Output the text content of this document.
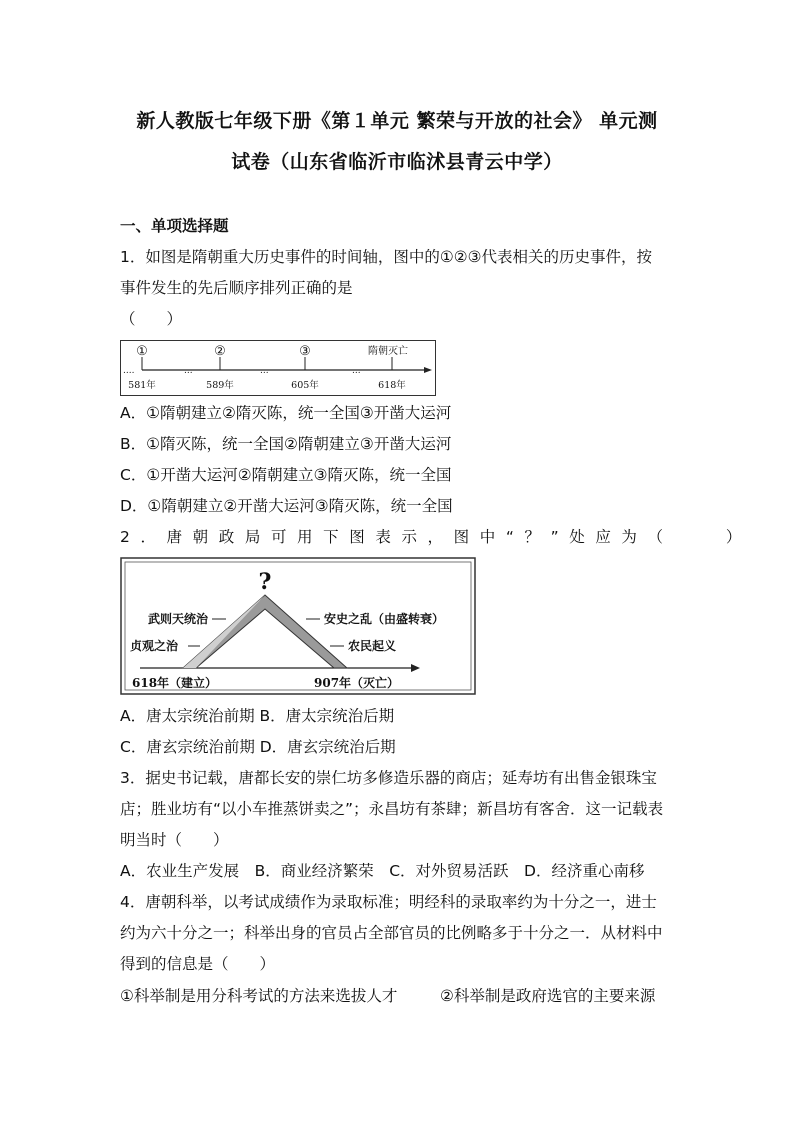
新人教版七年级下册《第１单元 繁荣与开放的社会》 单元测
试卷（山东省临沂市临沭县青云中学）
一、单项选择题
1．如图是隋朝重大历史事件的时间轴，图中的①②③代表相关的历史事件，按
事件发生的先后顺序排列正确的是
（　　）
....	...	...	...
①	②	③	隋朝灭亡
581年	589年	605年	618年
A．①隋朝建立②隋灭陈，统一全国③开凿大运河
B．①隋灭陈，统一全国②隋朝建立③开凿大运河
C．①开凿大运河②隋朝建立③隋灭陈，统一全国
D．①隋朝建立②开凿大运河③隋灭陈，统一全国
2．唐朝政局可用下图表示，图中“？”处应为（　　）
?
武则天统治
贞观之治
安史之乱（由盛转衰）
农民起义
618年（建立）	907年（灭亡）
A．唐太宗统治前期 B．唐太宗统治后期
C．唐玄宗统治前期 D．唐玄宗统治后期
3．据史书记载，唐都长安的崇仁坊多修造乐器的商店；延寿坊有出售金银珠宝
店；胜业坊有“以小车推蒸饼卖之”；永昌坊有茶肆；新昌坊有客舍．这一记载表
明当时（　　）
A．农业生产发展　B．商业经济繁荣　C．对外贸易活跃　D．经济重心南移
4．唐朝科举，以考试成绩作为录取标准；明经科的录取率约为十分之一，进士
约为六十分之一；科举出身的官员占全部官员的比例略多于十分之一．从材料中
得到的信息是（　　）
①科举制是用分科考试的方法来选拔人才	②科举制是政府选官的主要来源
